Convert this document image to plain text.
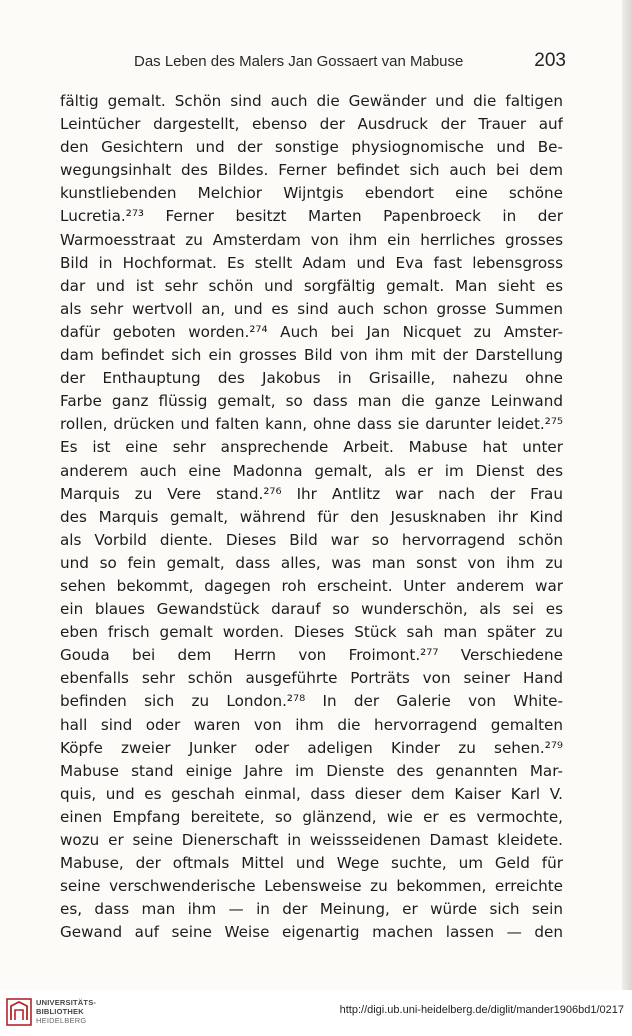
Das Leben des Malers Jan Gossaert van Mabuse	203
fältig gemalt. Schön sind auch die Gewänder und die faltigen
Leintücher dargestellt, ebenso der Ausdruck der Trauer auf
den Gesichtern und der sonstige physiognomische und Be-
wegungsinhalt des Bildes. Ferner befindet sich auch bei dem
kunstliebenden Melchior Wijntgis ebendort eine schöne
Lucretia.²⁷³ Ferner besitzt Marten Papenbroeck in der
Warmoesstraat zu Amsterdam von ihm ein herrliches grosses
Bild in Hochformat. Es stellt Adam und Eva fast lebensgross
dar und ist sehr schön und sorgfältig gemalt. Man sieht es
als sehr wertvoll an, und es sind auch schon grosse Summen
dafür geboten worden.²⁷⁴ Auch bei Jan Nicquet zu Amster-
dam befindet sich ein grosses Bild von ihm mit der Darstellung
der Enthauptung des Jakobus in Grisaille, nahezu ohne
Farbe ganz flüssig gemalt, so dass man die ganze Leinwand
rollen, drücken und falten kann, ohne dass sie darunter leidet.²⁷⁵
Es ist eine sehr ansprechende Arbeit. Mabuse hat unter
anderem auch eine Madonna gemalt, als er im Dienst des
Marquis zu Vere stand.²⁷⁶ Ihr Antlitz war nach der Frau
des Marquis gemalt, während für den Jesusknaben ihr Kind
als Vorbild diente. Dieses Bild war so hervorragend schön
und so fein gemalt, dass alles, was man sonst von ihm zu
sehen bekommt, dagegen roh erscheint. Unter anderem war
ein blaues Gewandstück darauf so wunderschön, als sei es
eben frisch gemalt worden. Dieses Stück sah man später zu
Gouda bei dem Herrn von Froimont.²⁷⁷ Verschiedene
ebenfalls sehr schön ausgeführte Porträts von seiner Hand
befinden sich zu London.²⁷⁸ In der Galerie von White-
hall sind oder waren von ihm die hervorragend gemalten
Köpfe zweier Junker oder adeligen Kinder zu sehen.²⁷⁹
Mabuse stand einige Jahre im Dienste des genannten Mar-
quis, und es geschah einmal, dass dieser dem Kaiser Karl V.
einen Empfang bereitete, so glänzend, wie er es vermochte,
wozu er seine Dienerschaft in weissseidenen Damast kleidete.
Mabuse, der oftmals Mittel und Wege suchte, um Geld für
seine verschwenderische Lebensweise zu bekommen, erreichte
es, dass man ihm — in der Meinung, er würde sich sein
Gewand auf seine Weise eigenartig machen lassen — den
UNIVERSITÄTS-
BIBLIOTHEK
HEIDELBERG
http://digi.ub.uni-heidelberg.de/diglit/mander1906bd1/0217
